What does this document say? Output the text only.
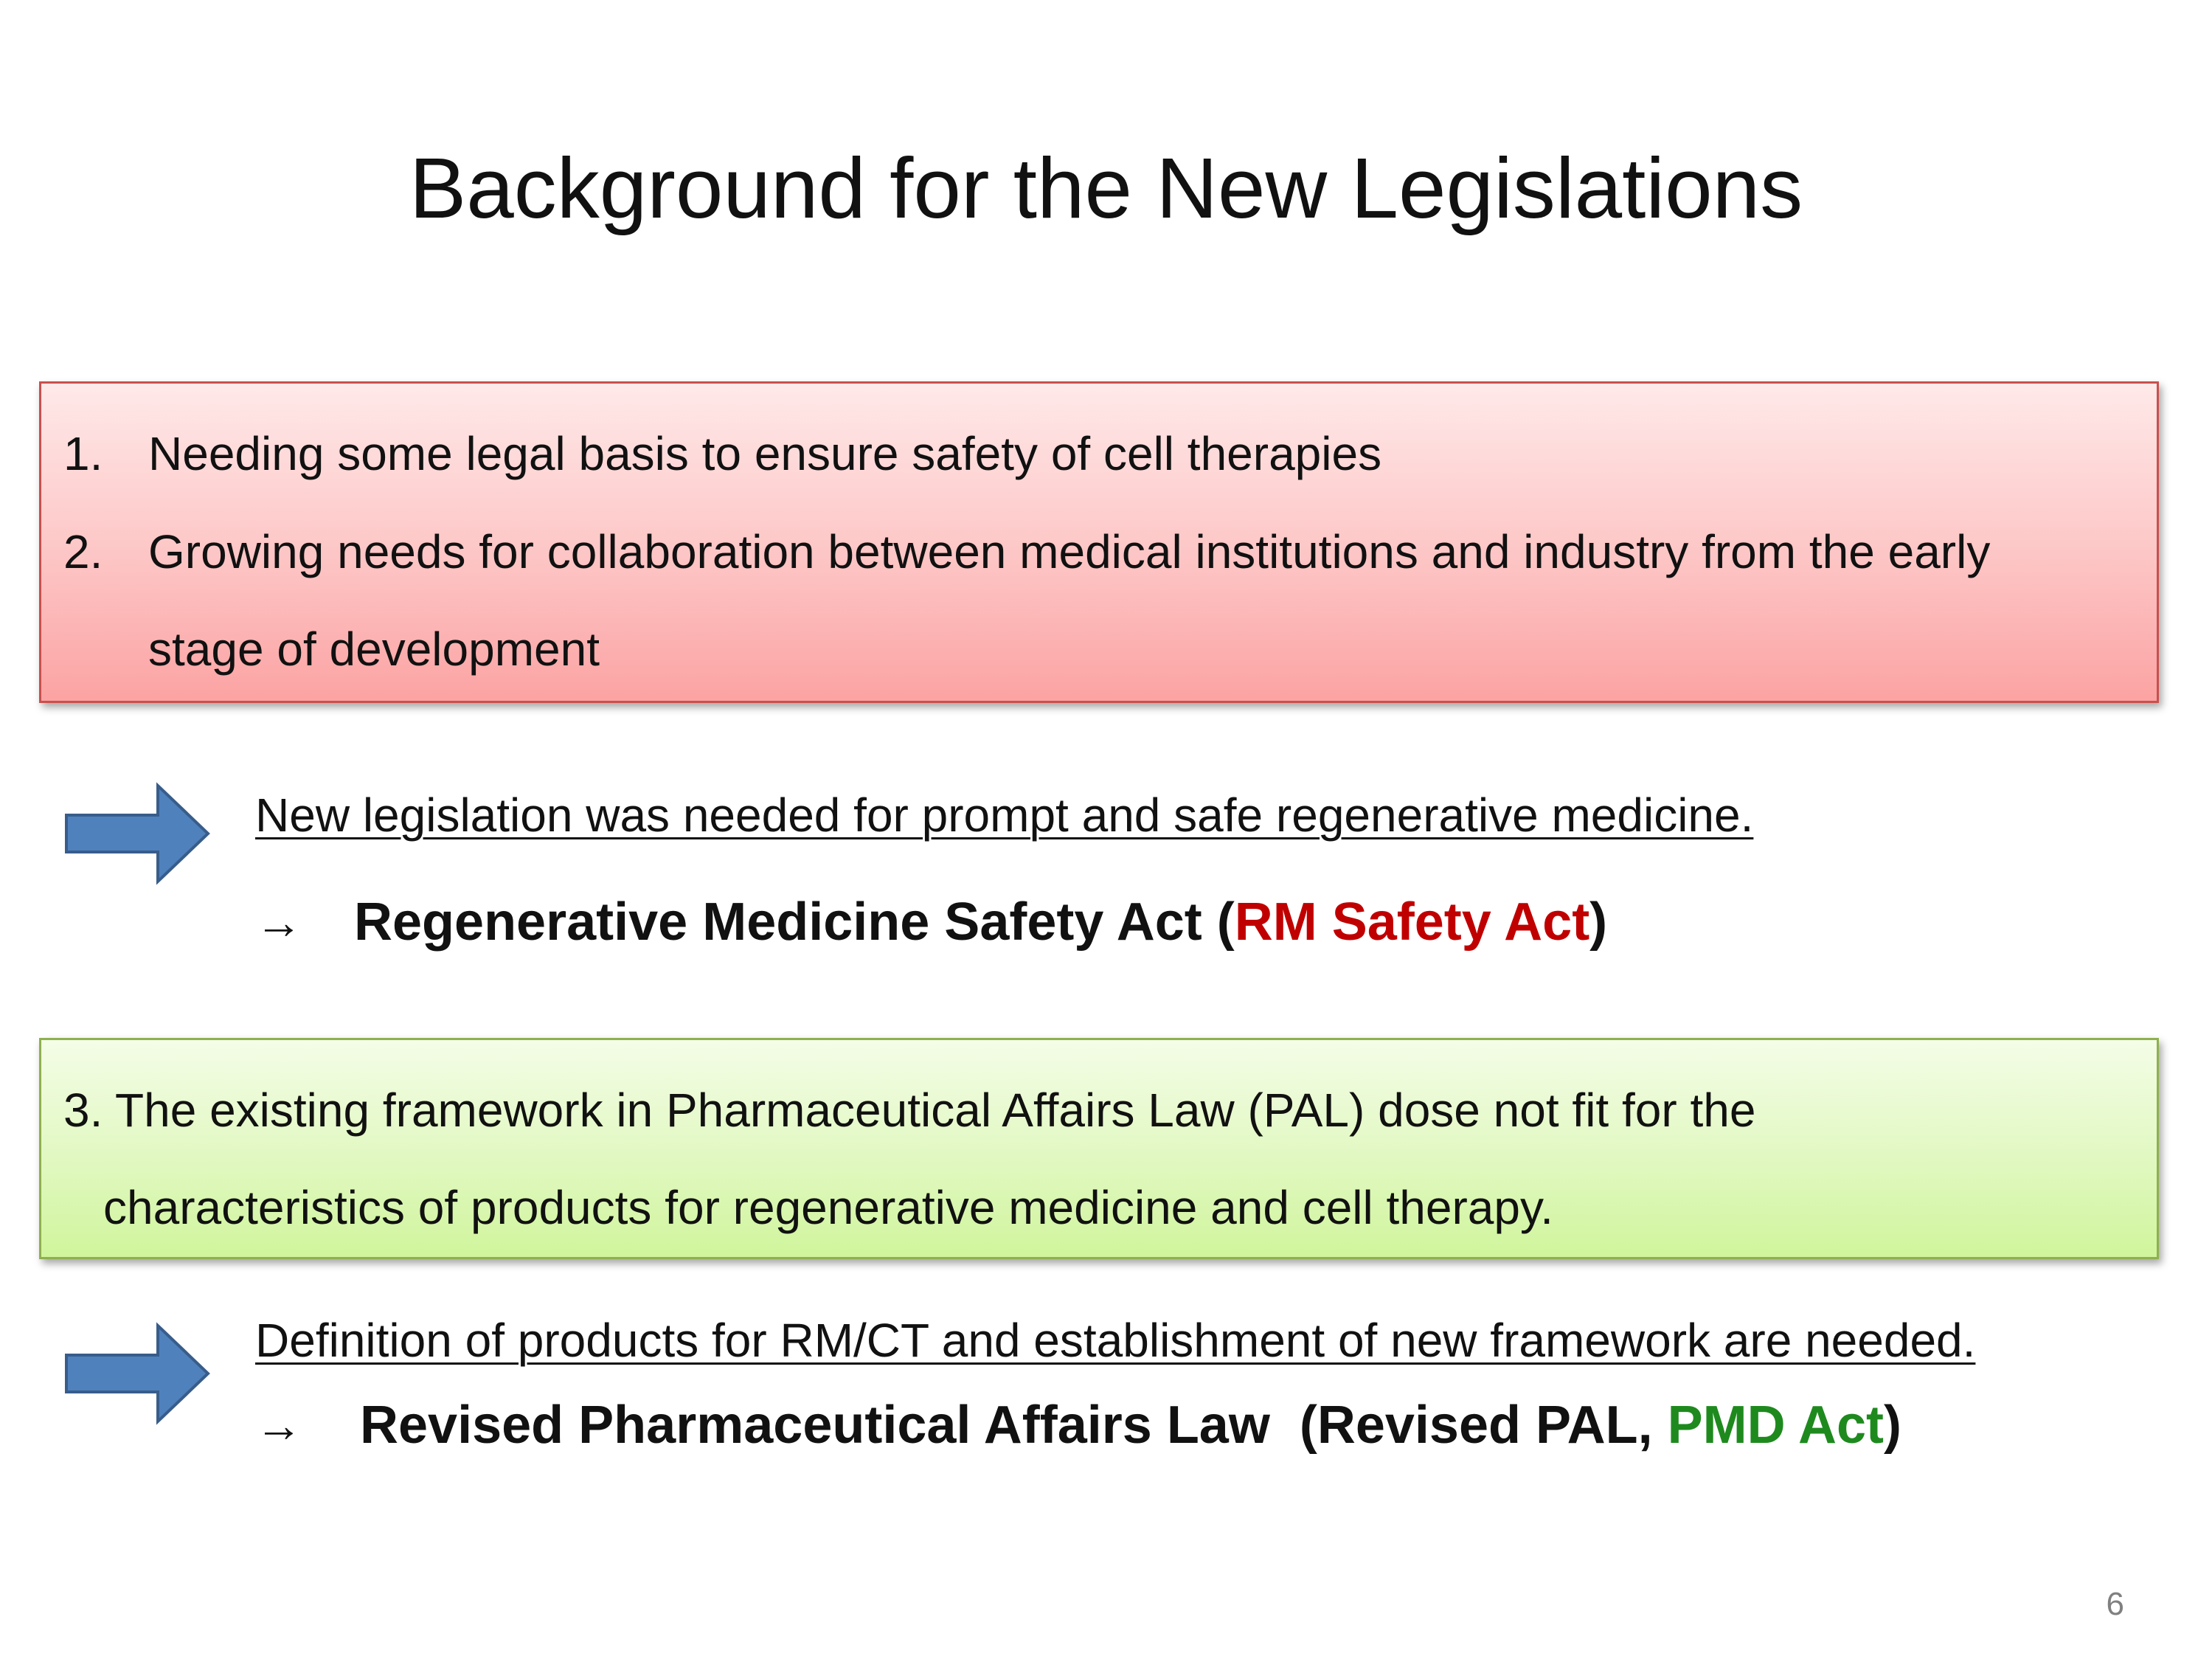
Background for the New Legislations
1. Needing some legal basis to ensure safety of cell therapies
2. Growing needs for collaboration between medical institutions and industry from the early
stage of development
New legislation was needed for prompt and safe regenerative medicine.
→ Regenerative Medicine Safety Act (RM Safety Act)
3. The existing framework in Pharmaceutical Affairs Law (PAL) dose not fit for the
characteristics of products for regenerative medicine and cell therapy.
Definition of products for RM/CT and establishment of new framework are needed.
→ Revised Pharmaceutical Affairs Law  (Revised PAL, PMD Act)
6
